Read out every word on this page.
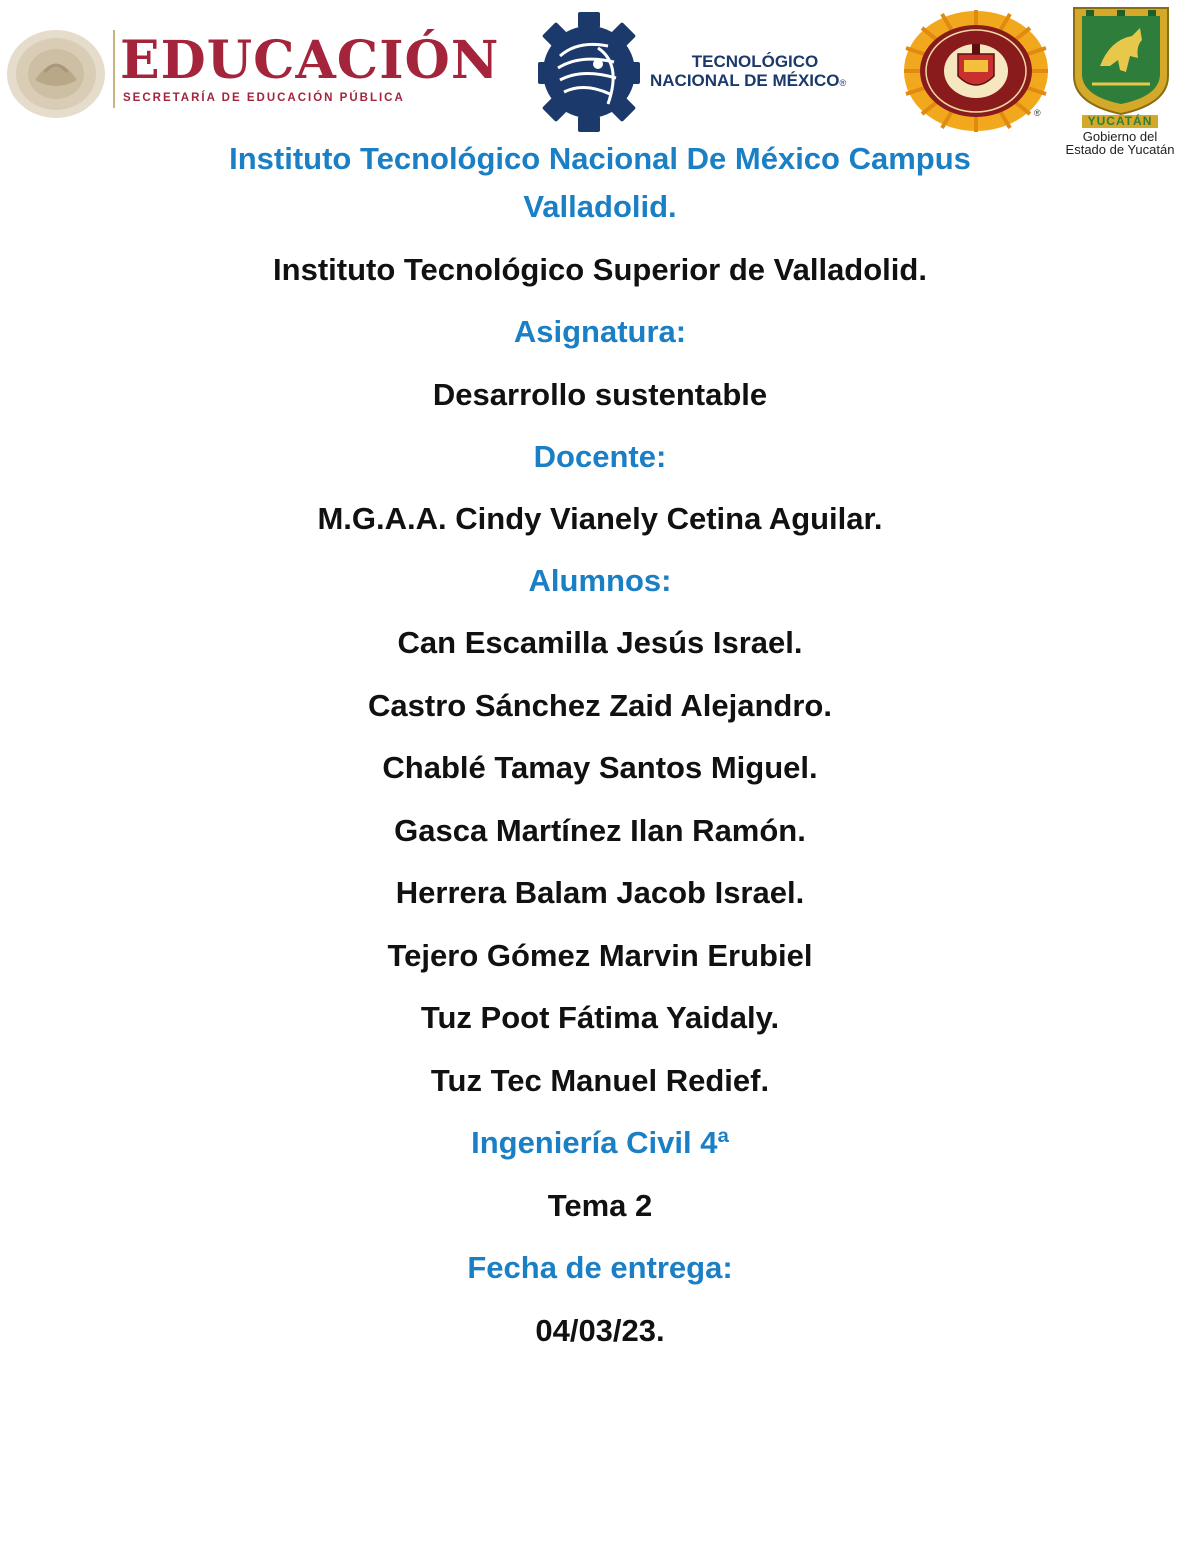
EDUCACIÓN
SECRETARÍA DE EDUCACIÓN PÚBLICA
TECNOLÓGICO
NACIONAL DE MÉXICO®
®
YUCATÁN
Gobierno del
Estado de Yucatán
Instituto Tecnológico Nacional De México Campus
Valladolid.
Instituto Tecnológico Superior de Valladolid.
Asignatura:
Desarrollo sustentable
Docente:
M.G.A.A. Cindy Vianely Cetina Aguilar.
Alumnos:
Can Escamilla Jesús Israel.
Castro Sánchez Zaid Alejandro.
Chablé Tamay Santos Miguel.
Gasca Martínez Ilan Ramón.
Herrera Balam Jacob Israel.
Tejero Gómez Marvin Erubiel
Tuz Poot Fátima Yaidaly.
Tuz Tec Manuel Redief.
Ingeniería Civil 4ª
Tema 2
Fecha de entrega:
04/03/23.
